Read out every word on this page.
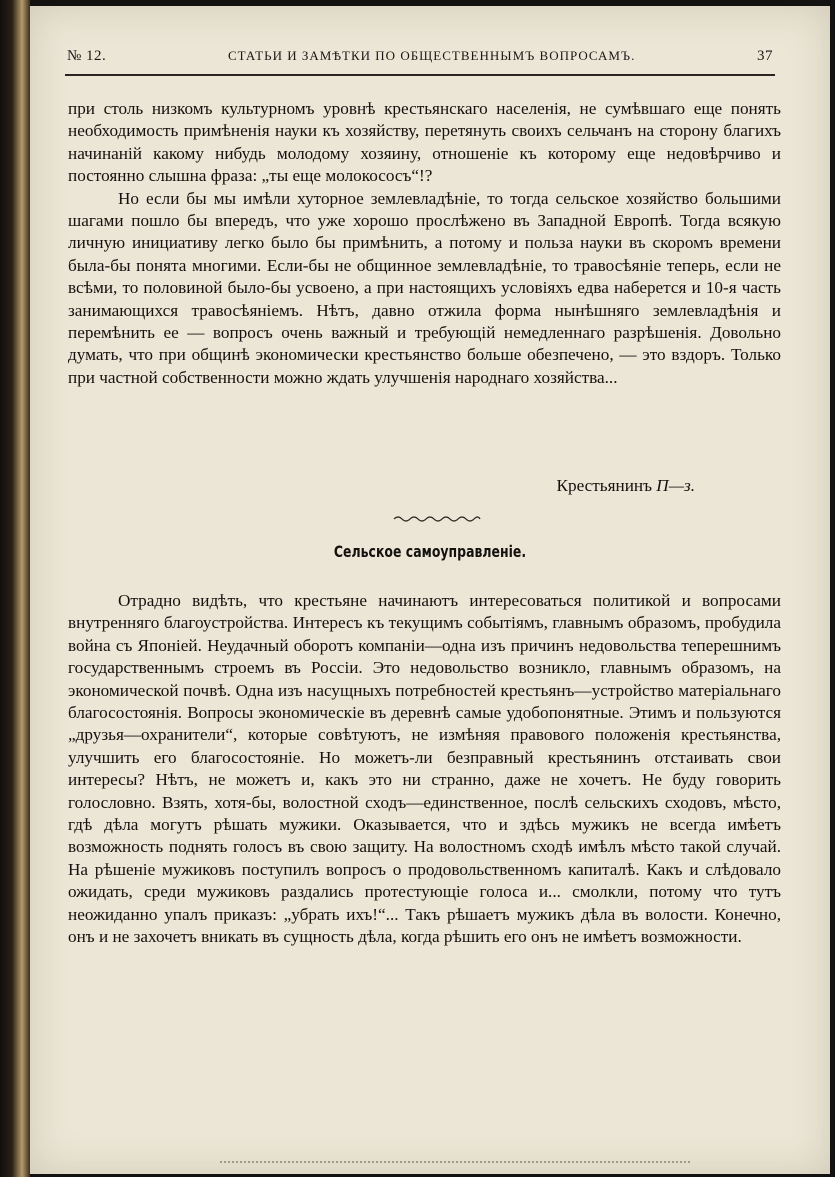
№ 12.	СТАТЬИ И ЗАМѢТКИ ПО ОБЩЕСТВЕННЫМЪ ВОПРОСАМЪ.	37

при столь низкомъ культурномъ уровнѣ крестьянскаго населенія, не сумѣвшаго еще понять необходимость примѣненія науки къ хозяйству, перетянуть своихъ сельчанъ на сторону благихъ начинаній какому нибудь молодому хозяину, отношеніе къ которому еще недовѣрчиво и постоянно слышна фраза: „ты еще молокососъ“!?

Но если бы мы имѣли хуторное землевладѣніе, то тогда сельское хозяйство большими шагами пошло бы впередъ, что уже хорошо прослѣжено въ Западной Европѣ. Тогда всякую личную инициативу легко было бы примѣнить, а потому и польза науки въ скоромъ времени была-бы понята многими. Если-бы не общинное землевладѣніе, то травосѣяніе теперь, если не всѣми, то половиной было-бы усвоено, а при настоящихъ условіяхъ едва наберется и 10-я часть занимающихся травосѣяніемъ. Нѣтъ, давно отжила форма нынѣшняго землевладѣнія и перемѣнить ее — вопросъ очень важный и требующій немедленнаго разрѣшенія. Довольно думать, что при общинѣ экономически крестьянство больше обезпечено, — это вздоръ. Только при частной собственности можно ждать улучшенія народнаго хозяйства...

Крестьянинъ П—з.
Сельское самоуправленіе.

Отрадно видѣть, что крестьяне начинаютъ интересоваться политикой и вопросами внутренняго благоустройства. Интересъ къ текущимъ событіямъ, главнымъ образомъ, пробудила война съ Японіей. Неудачный оборотъ компаніи—одна изъ причинъ недовольства теперешнимъ государственнымъ строемъ въ Россіи. Это недовольство возникло, главнымъ образомъ, на экономической почвѣ. Одна изъ насущныхъ потребностей крестьянъ—устройство матеріальнаго благосостоянія. Вопросы экономическіе въ деревнѣ самые удобопонятные. Этимъ и пользуются „друзья—охранители“, которые совѣтуютъ, не измѣняя правового положенія крестьянства, улучшить его благосостояніе. Но можетъ-ли безправный крестьянинъ отстаивать свои интересы? Нѣтъ, не можетъ и, какъ это ни странно, даже не хочетъ. Не буду говорить голословно. Взять, хотя-бы, волостной сходъ—единственное, послѣ сельскихъ сходовъ, мѣсто, гдѣ дѣла могутъ рѣшать мужики. Оказывается, что и здѣсь мужикъ не всегда имѣетъ возможность поднять голосъ въ свою защиту. На волостномъ сходѣ имѣлъ мѣсто такой случай. На рѣшеніе мужиковъ поступилъ вопросъ о продовольственномъ капиталѣ. Какъ и слѣдовало ожидать, среди мужиковъ раздались протестующіе голоса и... смолкли, потому что тутъ неожиданно упалъ приказъ: „убрать ихъ!“... Такъ рѣшаетъ мужикъ дѣла въ волости. Конечно, онъ и не захочетъ вникать въ сущность дѣла, когда рѣшить его онъ не имѣетъ возможности.
